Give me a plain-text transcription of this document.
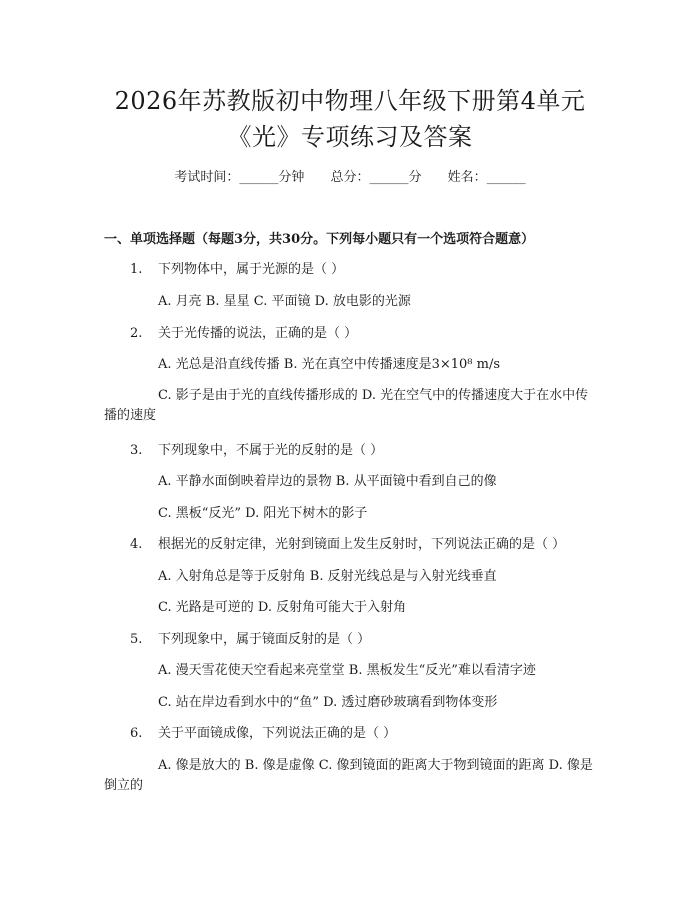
2026年苏教版初中物理八年级下册第4单元
《光》专项练习及答案
考试时间：______分钟 总分：______分 姓名：______
一、单项选择题（每题3分，共30分。下列每小题只有一个选项符合题意）
1. 下列物体中，属于光源的是（ ）
A. 月亮 B. 星星 C. 平面镜 D. 放电影的光源
2. 关于光传播的说法，正确的是（ ）
A. 光总是沿直线传播 B. 光在真空中传播速度是3×10⁸ m/s
C. 影子是由于光的直线传播形成的 D. 光在空气中的传播速度大于在水中传播的速度
3. 下列现象中，不属于光的反射的是（ ）
A. 平静水面倒映着岸边的景物 B. 从平面镜中看到自己的像
C. 黑板“反光” D. 阳光下树木的影子
4. 根据光的反射定律，光射到镜面上发生反射时，下列说法正确的是（ ）
A. 入射角总是等于反射角 B. 反射光线总是与入射光线垂直
C. 光路是可逆的 D. 反射角可能大于入射角
5. 下列现象中，属于镜面反射的是（ ）
A. 漫天雪花使天空看起来亮堂堂 B. 黑板发生“反光”难以看清字迹
C. 站在岸边看到水中的“鱼” D. 透过磨砂玻璃看到物体变形
6. 关于平面镜成像，下列说法正确的是（ ）
A. 像是放大的 B. 像是虚像 C. 像到镜面的距离大于物到镜面的距离 D. 像是倒立的
